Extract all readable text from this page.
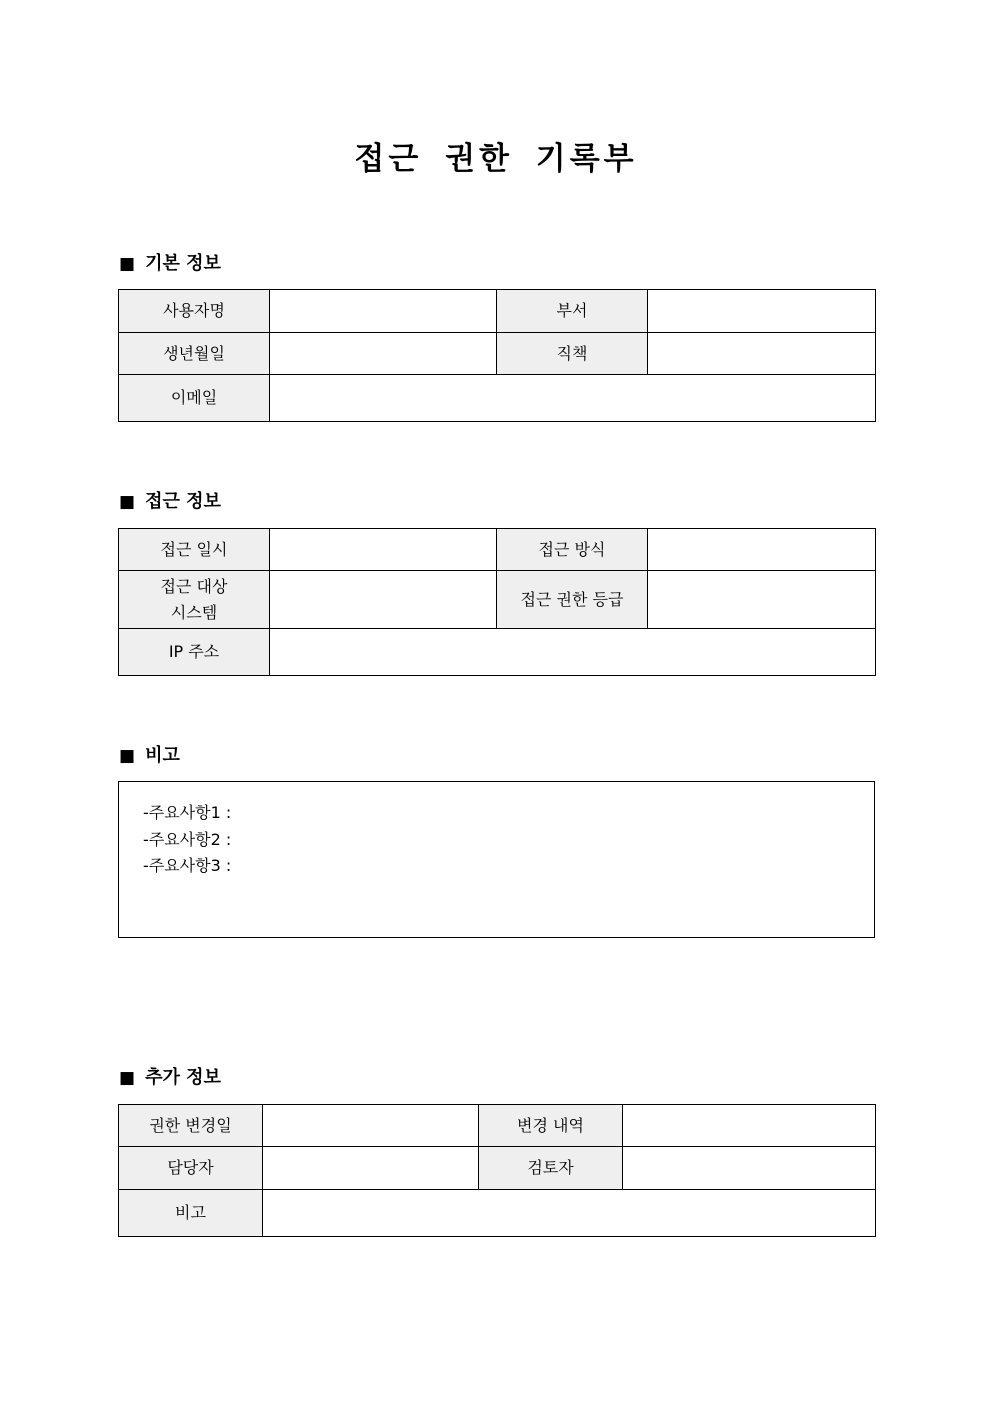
접근 권한 기록부
■ 기본 정보
사용자명		부서	
생년월일		직책	
이메일			
■ 접근 정보
접근 일시		접근 방식	

접근 대상
시스템		접근 권한 등급	
IP 주소			
■ 비고
-주요사항1 :
-주요사항2 :
-주요사항3 :
■ 추가 정보
권한 변경일		변경 내역	
담당자		검토자	
비고			
